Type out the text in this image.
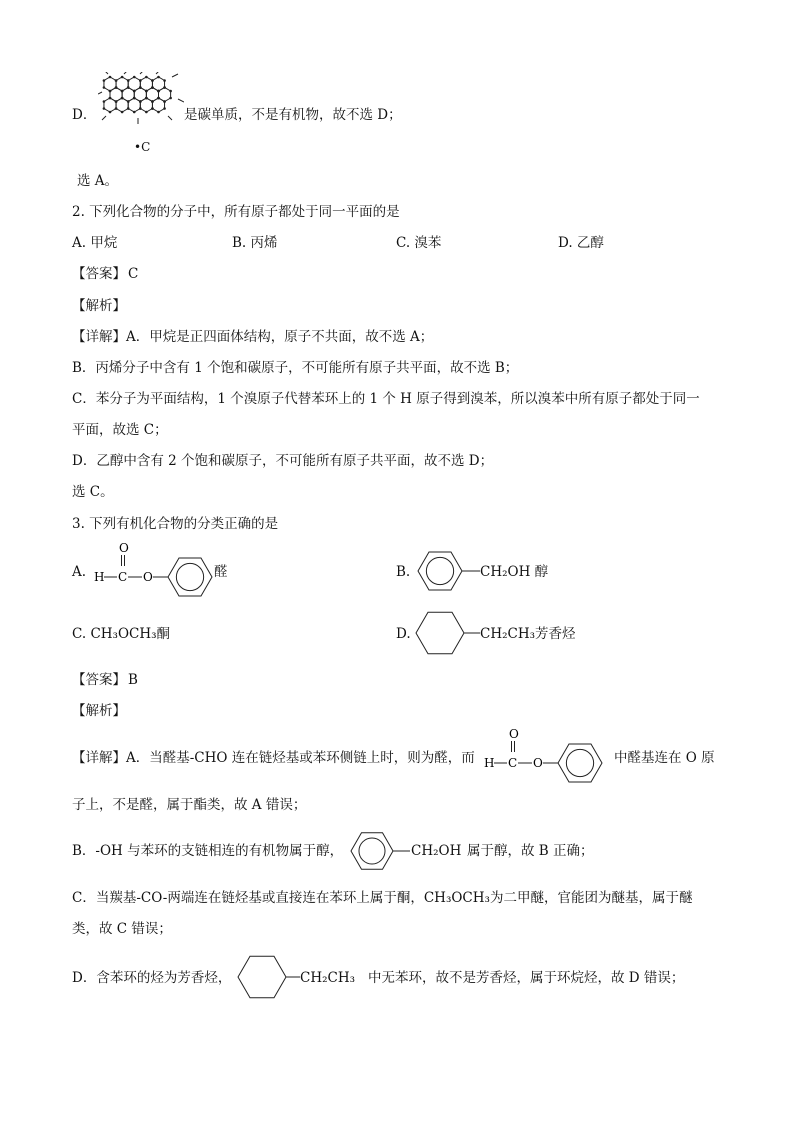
D．
•C
是碳单质，不是有机物，故不选 D；
选 A。
2. 下列化合物的分子中，所有原子都处于同一平面的是
A. 甲烷	B. 丙烯	C. 溴苯	D. 乙醇
【答案】 C
【解析】
【详解】A．甲烷是正四面体结构，原子不共面，故不选 A；
B．丙烯分子中含有 1 个饱和碳原子，不可能所有原子共平面，故不选 B；
C．苯分子为平面结构，1 个溴原子代替苯环上的 1 个 H 原子得到溴苯，所以溴苯中所有原子都处于同一
平面，故选 C；
D．乙醇中含有 2 个饱和碳原子，不可能所有原子共平面，故不选 D；
选 C。
3. 下列有机化合物的分类正确的是
A.
O
H C O	醛	B.	CH₂OH 醇
C. CH₃OCH₃酮	D.	CH₂CH₃芳香烃
【答案】 B
【解析】
【详解】A．当醛基-CHO 连在链烃基或苯环侧链上时，则为醛，而
O
H C O	中醛基连在 O 原
子上，不是醛，属于酯类，故 A 错误；
B．-OH 与苯环的支链相连的有机物属于醇，	CH₂OH 属于醇，故 B 正确；
C．当羰基-CO-两端连在链烃基或直接连在苯环上属于酮，CH₃OCH₃为二甲醚，官能团为醚基，属于醚
类，故 C 错误；
D．含苯环的烃为芳香烃，	CH₂CH₃ 中无苯环，故不是芳香烃，属于环烷烃，故 D 错误；
